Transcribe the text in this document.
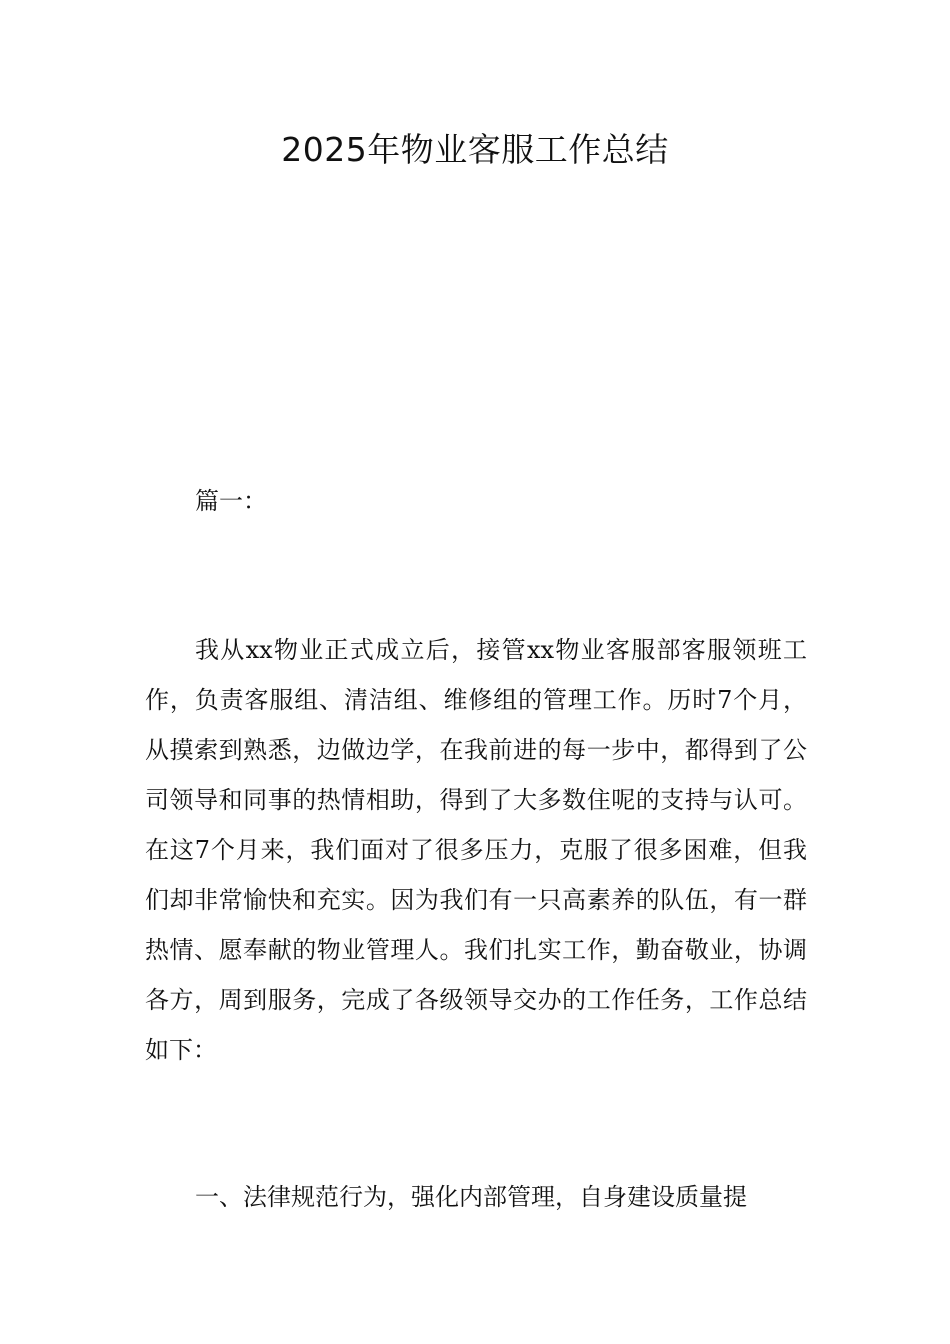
2025年物业客服工作总结

篇一：

我从xx物业正式成立后，接管xx物业客服部客服领班工作，负责客服组、清洁组、维修组的管理工作。历时7个月，从摸索到熟悉，边做边学，在我前进的每一步中，都得到了公司领导和同事的热情相助，得到了大多数住呢的支持与认可。在这7个月来，我们面对了很多压力，克服了很多困难，但我们却非常愉快和充实。因为我们有一只高素养的队伍，有一群热情、愿奉献的物业管理人。我们扎实工作，勤奋敬业，协调各方，周到服务，完成了各级领导交办的工作任务，工作总结如下：

一、法律规范行为，强化内部管理，自身建设质量提
